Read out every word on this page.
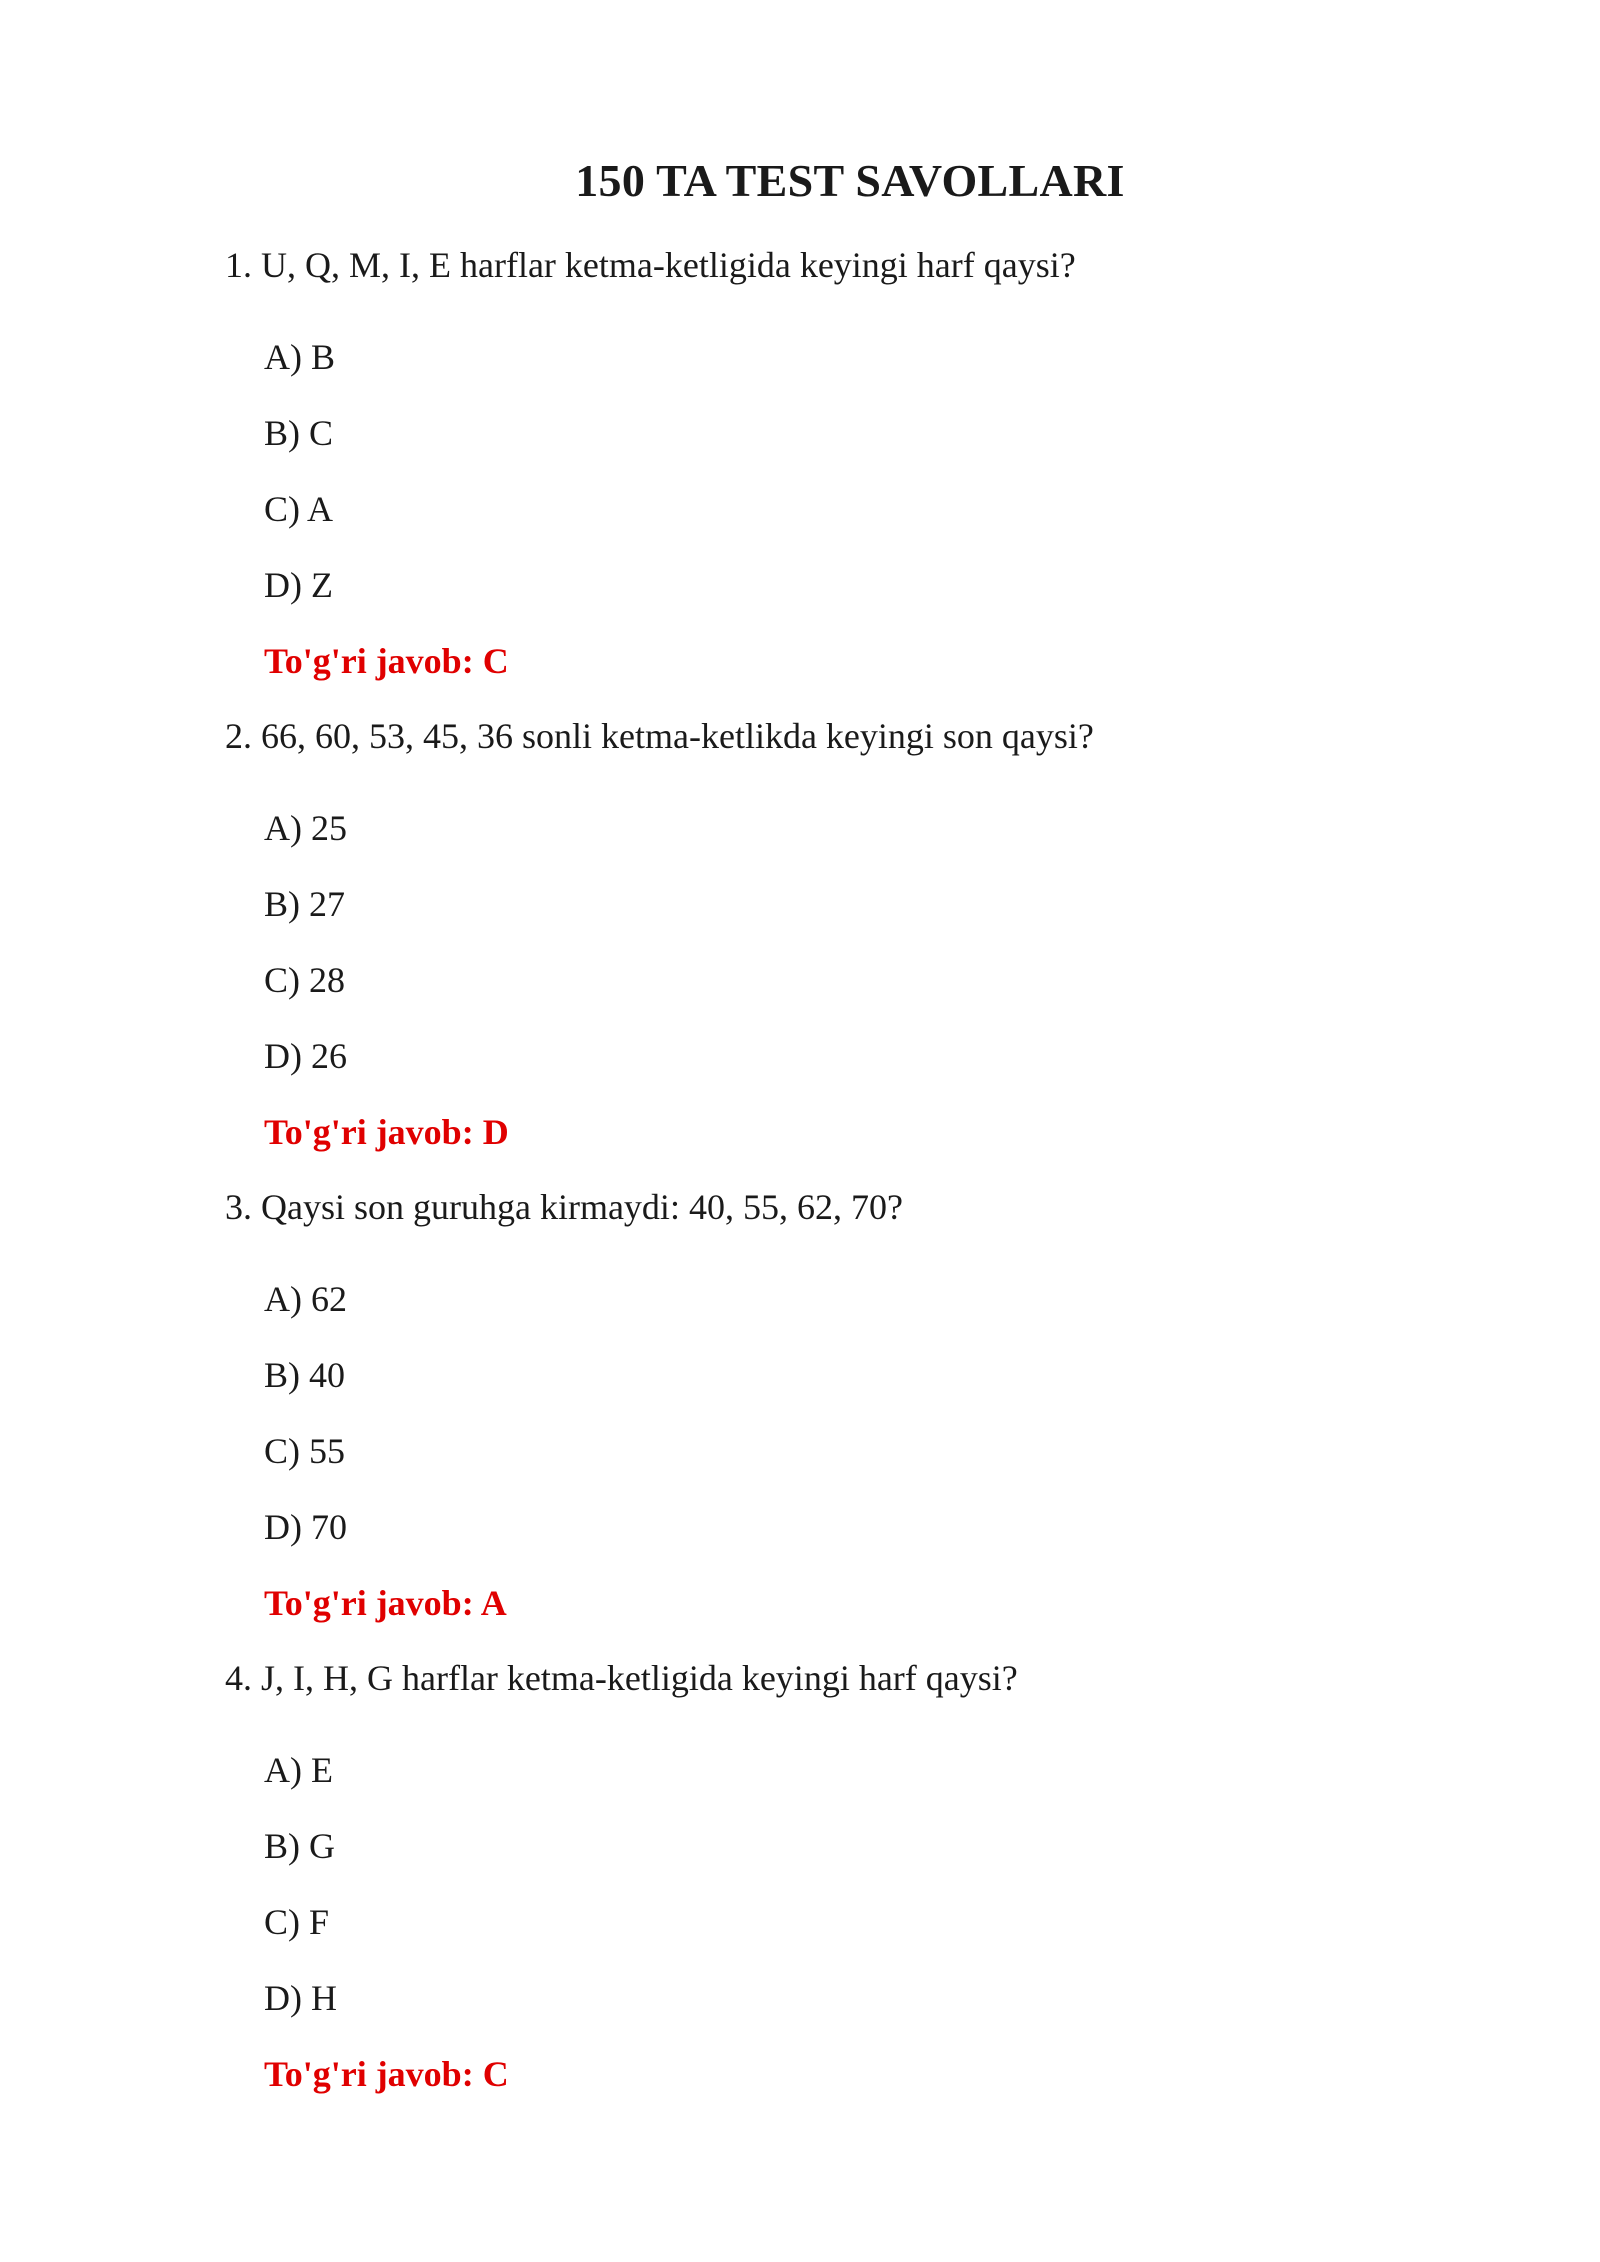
150 TA TEST SAVOLLARI
1. U, Q, M, I, E harflar ketma-ketligida keyingi harf qaysi?
A) B
B) C
C) A
D) Z
To'g'ri javob: C
2. 66, 60, 53, 45, 36 sonli ketma-ketlikda keyingi son qaysi?
A) 25
B) 27
C) 28
D) 26
To'g'ri javob: D
3. Qaysi son guruhga kirmaydi: 40, 55, 62, 70?
A) 62
B) 40
C) 55
D) 70
To'g'ri javob: A
4. J, I, H, G harflar ketma-ketligida keyingi harf qaysi?
A) E
B) G
C) F
D) H
To'g'ri javob: C
